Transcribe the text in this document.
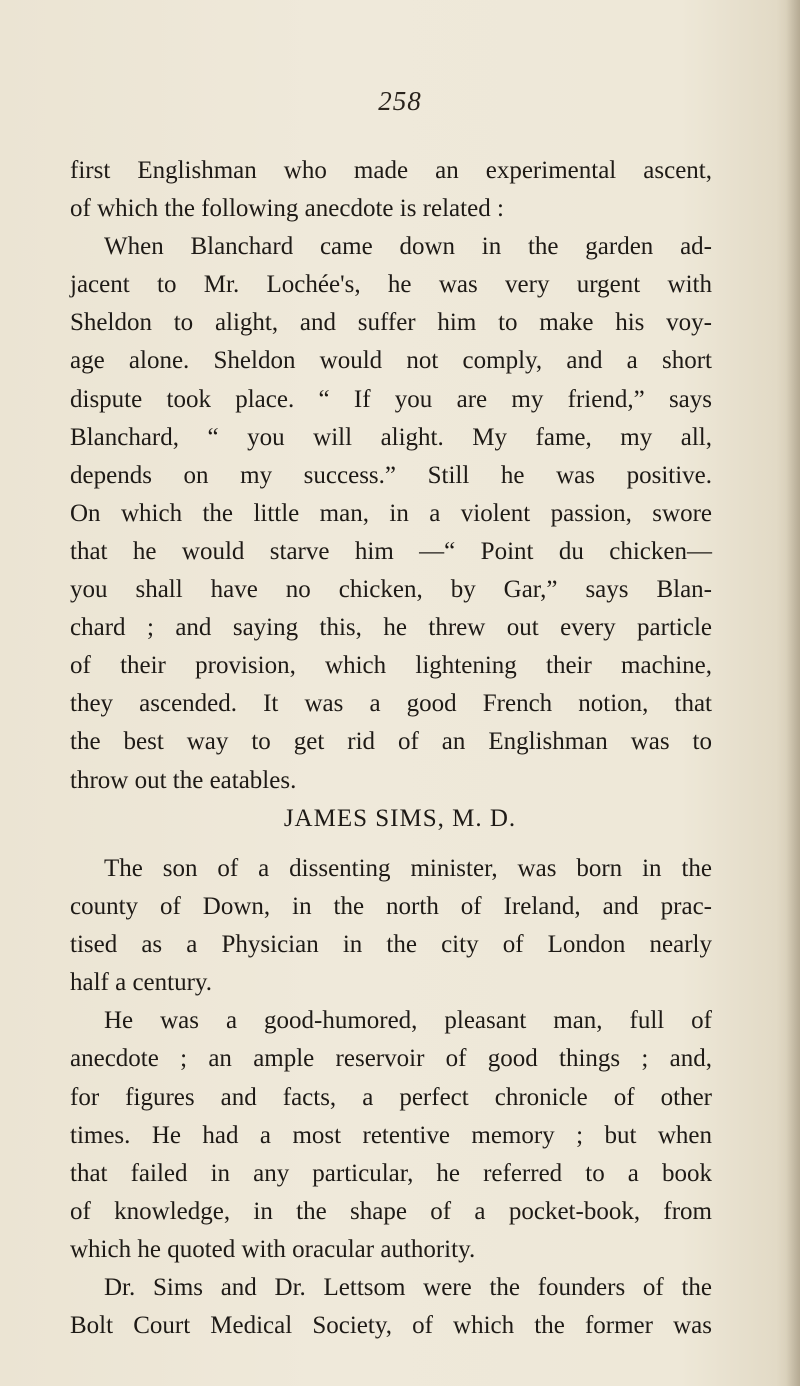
258
first Englishman who made an experimental ascent,
of which the following anecdote is related :
When Blanchard came down in the garden ad-
jacent to Mr. Lochée's, he was very urgent with
Sheldon to alight, and suffer him to make his voy-
age alone. Sheldon would not comply, and a short
dispute took place. “ If you are my friend,” says
Blanchard, “ you will alight. My fame, my all,
depends on my success.” Still he was positive.
On which the little man, in a violent passion, swore
that he would starve him —“ Point du chicken—
you shall have no chicken, by Gar,” says Blan-
chard ; and saying this, he threw out every particle
of their provision, which lightening their machine,
they ascended. It was a good French notion, that
the best way to get rid of an Englishman was to
throw out the eatables.
JAMES SIMS, M. D.
The son of a dissenting minister, was born in the
county of Down, in the north of Ireland, and prac-
tised as a Physician in the city of London nearly
half a century.
He was a good-humored, pleasant man, full of
anecdote ; an ample reservoir of good things ; and,
for figures and facts, a perfect chronicle of other
times. He had a most retentive memory ; but when
that failed in any particular, he referred to a book
of knowledge, in the shape of a pocket-book, from
which he quoted with oracular authority.
Dr. Sims and Dr. Lettsom were the founders of the
Bolt Court Medical Society, of which the former was
